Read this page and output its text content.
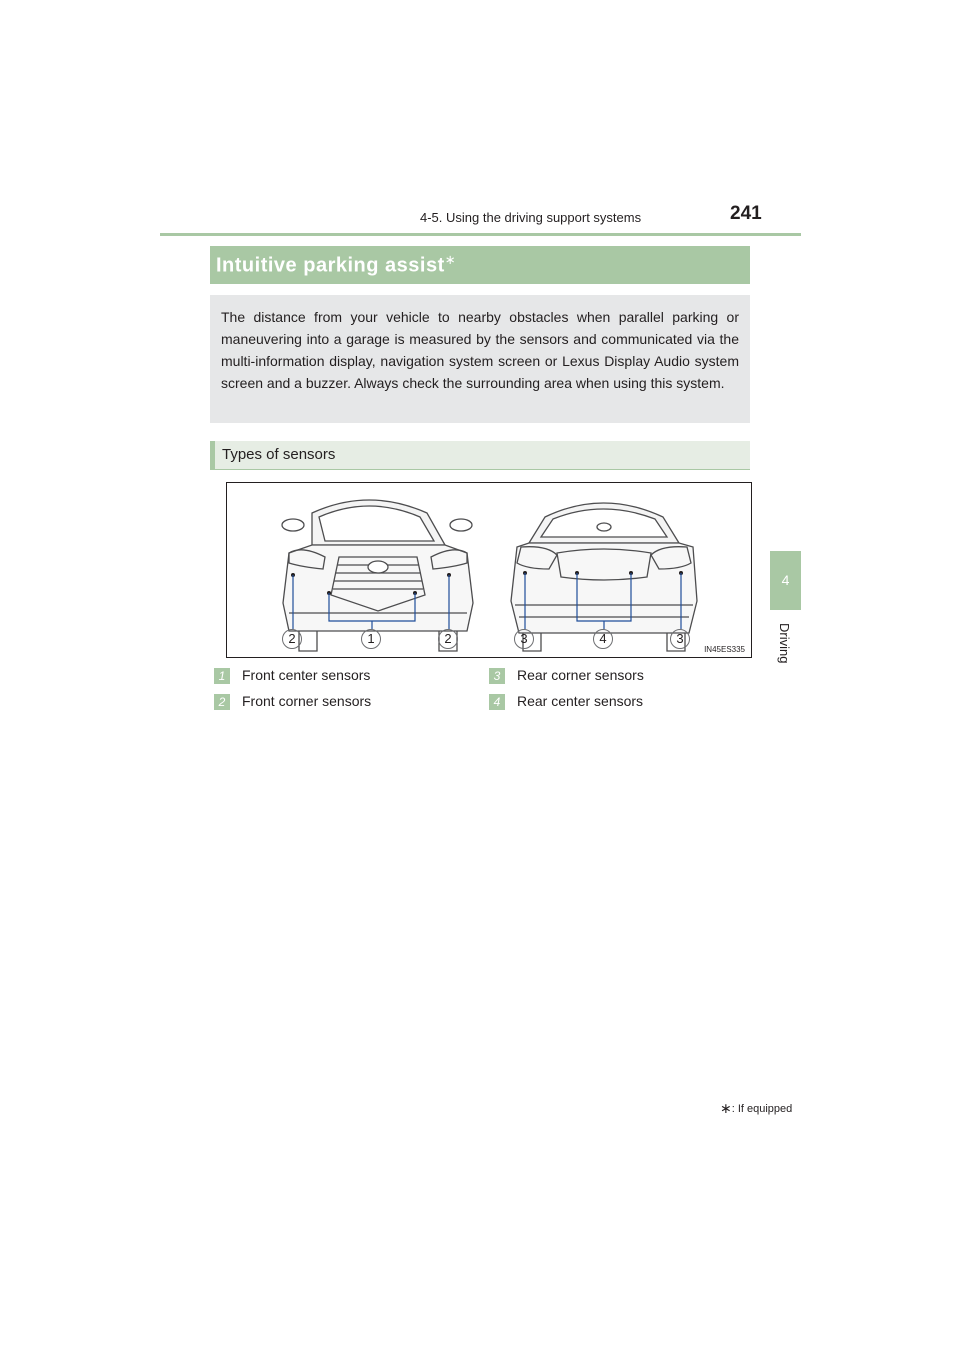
4-5. Using the driving support systems	241
4
Driving
Intuitive parking assist∗

The distance from your vehicle to nearby obstacles when parallel parking or maneuvering into a garage is measured by the sensors and communicated via the multi-information display, navigation system screen or Lexus Display Audio system screen and a buzzer. Always check the surrounding area when using this system.

Types of sensors
2	1	2	3	4	3
IN45ES335
1	Front center sensors
2	Front corner sensors
3	Rear corner sensors
4	Rear center sensors
∗: If equipped
